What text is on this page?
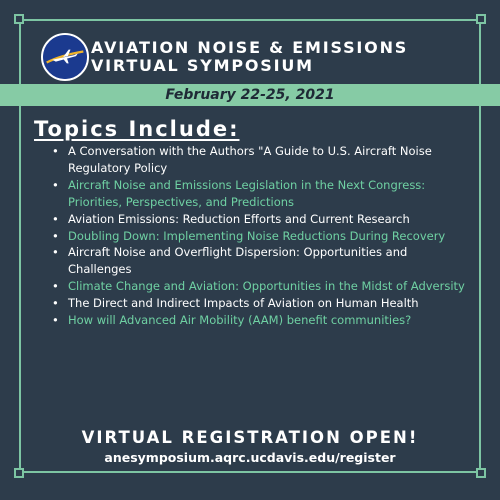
AVIATION NOISE & EMISSIONS
VIRTUAL SYMPOSIUM
February 22-25, 2021
Topics Include:
• A Conversation with the Authors "A Guide to U.S. Aircraft Noise Regulatory Policy
• Aircraft Noise and Emissions Legislation in the Next Congress: Priorities, Perspectives, and Predictions
• Aviation Emissions: Reduction Efforts and Current Research
• Doubling Down: Implementing Noise Reductions During Recovery
• Aircraft Noise and Overflight Dispersion: Opportunities and Challenges
• Climate Change and Aviation: Opportunities in the Midst of Adversity
• The Direct and Indirect Impacts of Aviation on Human Health
• How will Advanced Air Mobility (AAM) benefit communities?
VIRTUAL REGISTRATION OPEN!
anesymposium.aqrc.ucdavis.edu/register
